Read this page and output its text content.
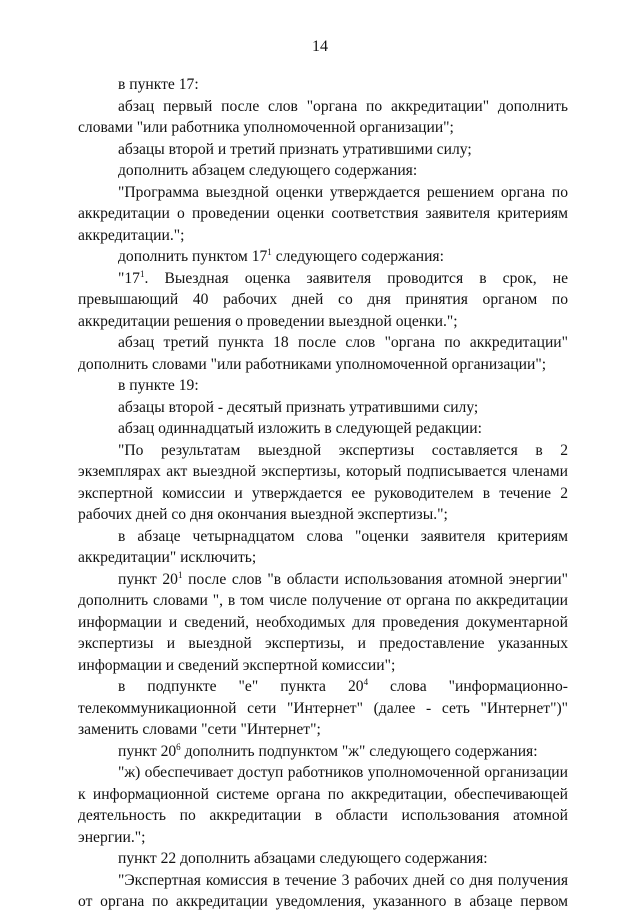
14

в пункте 17:

абзац первый после слов "органа по аккредитации" дополнить словами "или работника уполномоченной организации";

абзацы второй и третий признать утратившими силу;

дополнить абзацем следующего содержания:

"Программа выездной оценки утверждается решением органа по аккредитации о проведении оценки соответствия заявителя критериям аккредитации.";

дополнить пунктом $17^1$ следующего содержания:

"$17^1$. Выездная оценка заявителя проводится в срок, не превышающий 40 рабочих дней со дня принятия органом по аккредитации решения о проведении выездной оценки.";

абзац третий пункта 18 после слов "органа по аккредитации" дополнить словами "или работниками уполномоченной организации";

в пункте 19:

абзацы второй - десятый признать утратившими силу;

абзац одиннадцатый изложить в следующей редакции:

"По результатам выездной экспертизы составляется в 2 экземплярах акт выездной экспертизы, который подписывается членами экспертной комиссии и утверждается ее руководителем в течение 2 рабочих дней со дня окончания выездной экспертизы.";

в абзаце четырнадцатом слова "оценки заявителя критериям аккредитации" исключить;

пункт $20^1$ после слов "в области использования атомной энергии" дополнить словами ", в том числе получение от органа по аккредитации информации и сведений, необходимых для проведения документарной экспертизы и выездной экспертизы, и предоставление указанных информации и сведений экспертной комиссии";

в подпункте "е" пункта $20^4$ слова "информационно-телекоммуникационной сети "Интернет" (далее - сеть "Интернет")" заменить словами "сети "Интернет";

пункт $20^6$ дополнить подпунктом "ж" следующего содержания:

"ж) обеспечивает доступ работников уполномоченной организации к информационной системе органа по аккредитации, обеспечивающей деятельность по аккредитации в области использования атомной энергии.";

пункт 22 дополнить абзацами следующего содержания:

"Экспертная комиссия в течение 3 рабочих дней со дня получения от органа по аккредитации уведомления, указанного в абзаце первом
